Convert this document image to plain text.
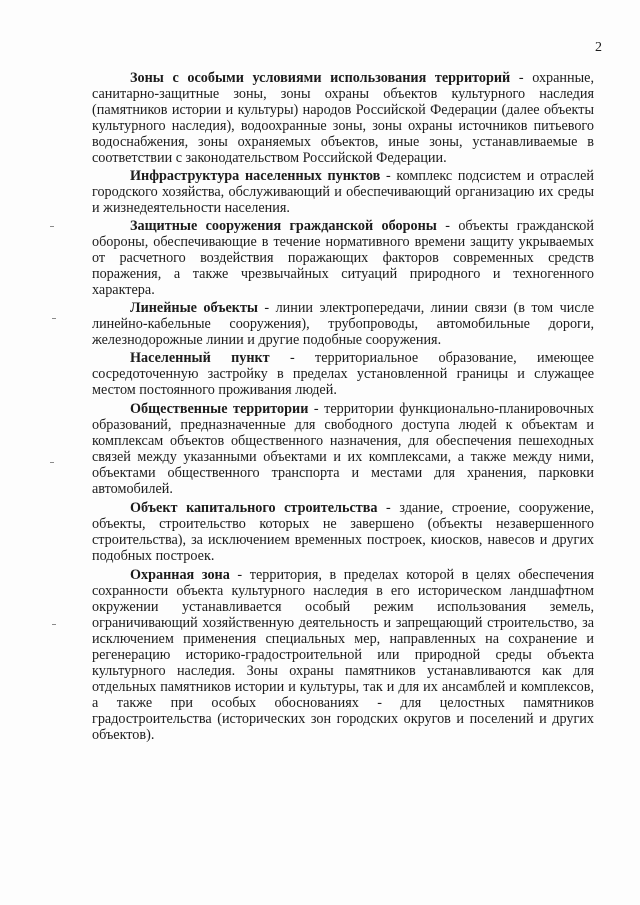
2

Зоны с особыми условиями использования территорий - охранные, санитарно-защитные зоны, зоны охраны объектов культурного наследия (памятников истории и культуры) народов Российской Федерации (далее объекты культурного наследия), водоохранные зоны, зоны охраны источников питьевого водоснабжения, зоны охраняемых объектов, иные зоны, устанавливаемые в соответствии с законодательством Российской Федерации.

Инфраструктура населенных пунктов - комплекс подсистем и отраслей городского хозяйства, обслуживающий и обеспечивающий организацию их среды и жизнедеятельности населения.

Защитные сооружения гражданской обороны - объекты гражданской обороны, обеспечивающие в течение нормативного времени защиту укрываемых от расчетного воздействия поражающих факторов современных средств поражения, а также чрезвычайных ситуаций природного и техногенного характера.

Линейные объекты - линии электропередачи, линии связи (в том числе линейно-кабельные сооружения), трубопроводы, автомобильные дороги, железнодорожные линии и другие подобные сооружения.

Населенный пункт - территориальное образование, имеющее сосредоточенную застройку в пределах установленной границы и служащее местом постоянного проживания людей.

Общественные территории - территории функционально-планировочных образований, предназначенные для свободного доступа людей к объектам и комплексам объектов общественного назначения, для обеспечения пешеходных связей между указанными объектами и их комплексами, а также между ними, объектами общественного транспорта и местами для хранения, парковки автомобилей.

Объект капитального строительства - здание, строение, сооружение, объекты, строительство которых не завершено (объекты незавершенного строительства), за исключением временных построек, киосков, навесов и других подобных построек.

Охранная зона - территория, в пределах которой в целях обеспечения сохранности объекта культурного наследия в его историческом ландшафтном окружении устанавливается особый режим использования земель, ограничивающий хозяйственную деятельность и запрещающий строительство, за исключением применения специальных мер, направленных на сохранение и регенерацию историко-градостроительной или природной среды объекта культурного наследия. Зоны охраны памятников устанавливаются как для отдельных памятников истории и культуры, так и для их ансамблей и комплексов, а также при особых обоснованиях - для целостных памятников градостроительства (исторических зон городских округов и поселений и других объектов).
